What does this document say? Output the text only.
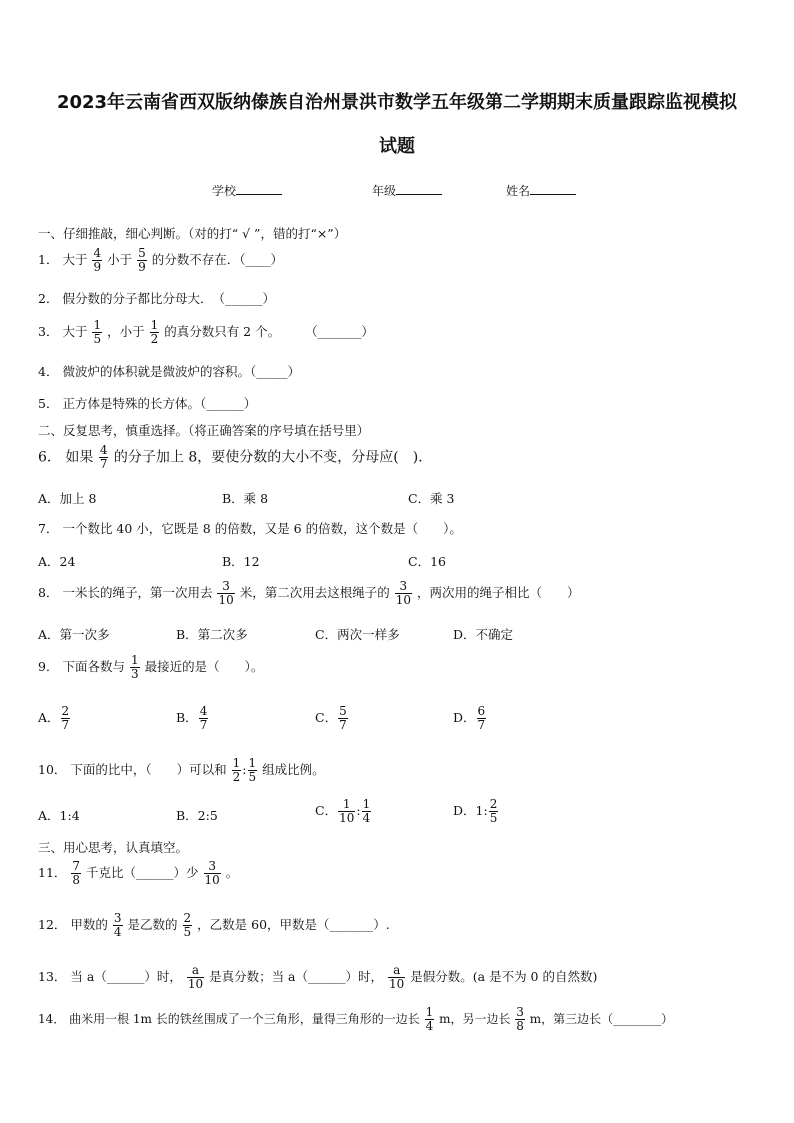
2023年云南省西双版纳傣族自治州景洪市数学五年级第二学期期末质量跟踪监视模拟
试题
学校	年级	姓名
一、仔细推敲，细心判断。（对的打“ √ ”，错的打“×”）
1． 大于 $\frac{4}{9}$ 小于 $\frac{5}{9}$ 的分数不存在．（____）
2． 假分数的分子都比分母大．　（______）
3． 大于 $\frac{1}{5}$ ，小于 $\frac{1}{2}$ 的真分数只有 2 个。　　　（_______）
4． 微波炉的体积就是微波炉的容积。（_____）
5． 正方体是特殊的长方体。（______）
二、反复思考，慎重选择。（将正确答案的序号填在括号里）
6． 如果 $\frac{4}{7}$ 的分子加上 8，要使分数的大小不变，分母应(　)．
A．加上 8	B．乘 8	C．乘 3
7． 一个数比 40 小，它既是 8 的倍数，又是 6 的倍数，这个数是（　　）。
A．24	B．12	C．16
8． 一米长的绳子，第一次用去 $\frac{3}{10}$ 米，第二次用去这根绳子的 $\frac{3}{10}$ ，两次用的绳子相比（　　）
A．第一次多	B．第二次多	C．两次一样多	D．不确定
9． 下面各数与 $\frac{1}{3}$ 最接近的是（　　）。
A． $\frac{2}{7}$	B． $\frac{4}{7}$	C． $\frac{5}{7}$	D． $\frac{6}{7}$
10． 下面的比中，（　　）可以和 $\frac{1}{2}$ : $\frac{1}{5}$ 组成比例。
A．1:4	B．2:5	C． $\frac{1}{10}$ : $\frac{1}{4}$	D．1: $\frac{2}{5}$
三、用心思考，认真填空。
11． $\frac{7}{8}$ 千克比（______）少 $\frac{3}{10}$ 。
12． 甲数的 $\frac{3}{4}$ 是乙数的 $\frac{2}{5}$ ，乙数是 60，甲数是（_______）.
13． 当 a（______）时， $\frac{a}{10}$ 是真分数；当 a（______）时， $\frac{a}{10}$ 是假分数。(a 是不为 0 的自然数)
14． 曲米用一根 1m 长的铁丝围成了一个三角形，量得三角形的一边长 $\frac{1}{4}$ m，另一边长 $\frac{3}{8}$ m，第三边长（________）
